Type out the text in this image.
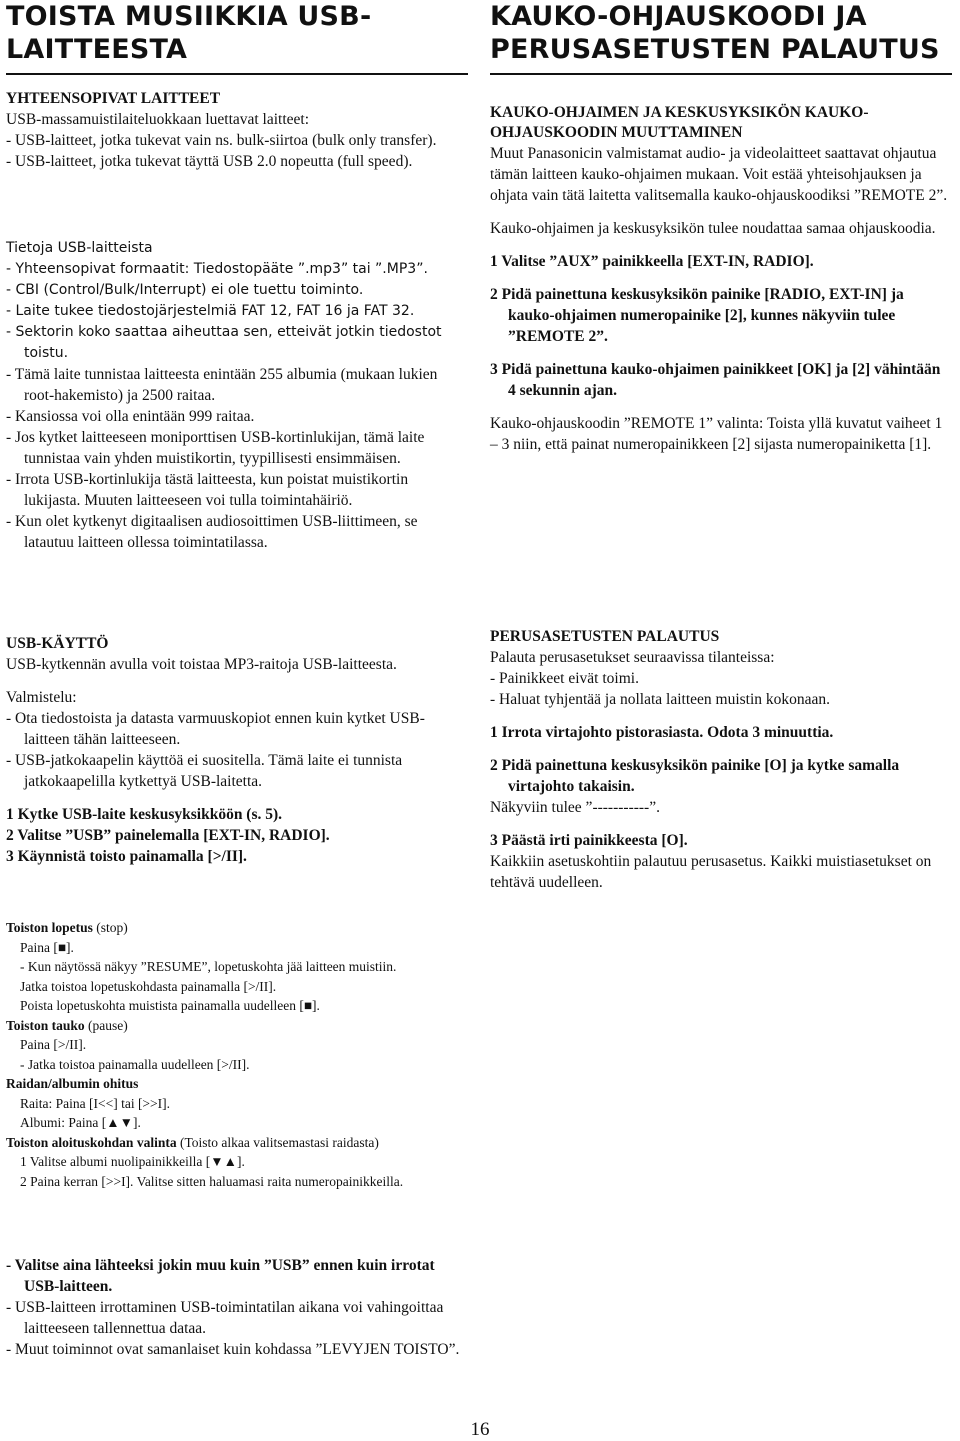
TOISTA MUSIIKKIA USB-
LAITTEESTA
YHTEENSOPIVAT LAITTEET

USB-massamuistilaiteluokkaan luettavat laitteet:

- USB-laitteet, jotka tukevat vain ns. bulk-siirtoa (bulk only transfer).

- USB-laitteet, jotka tukevat täyttä USB 2.0 nopeutta (full speed).

Tietoja USB-laitteista

- Yhteensopivat formaatit: Tiedostopääte ”.mp3” tai ”.MP3”.

- CBI (Control/Bulk/Interrupt) ei ole tuettu toiminto.

- Laite tukee tiedostojärjestelmiä FAT 12, FAT 16 ja FAT 32.

- Sektorin koko saattaa aiheuttaa sen, etteivät jotkin tiedostot toistu.

- Tämä laite tunnistaa laitteesta enintään 255 albumia (mukaan lukien root-hakemisto) ja 2500 raitaa.

- Kansiossa voi olla enintään 999 raitaa.

- Jos kytket laitteeseen moniporttisen USB-kortinlukijan, tämä laite tunnistaa vain yhden muistikortin, tyypillisesti ensimmäisen.

- Irrota USB-kortinlukija tästä laitteesta, kun poistat muistikortin lukijasta. Muuten laitteeseen voi tulla toimintahäiriö.

- Kun olet kytkenyt digitaalisen audiosoittimen USB-liittimeen, se latautuu laitteen ollessa toimintatilassa.

USB-KÄYTTÖ

USB-kytkennän avulla voit toistaa MP3-raitoja USB-laitteesta.

Valmistelu:

- Ota tiedostoista ja datasta varmuuskopiot ennen kuin kytket USB-laitteen tähän laitteeseen.

- USB-jatkokaapelin käyttöä ei suositella. Tämä laite ei tunnista jatkokaapelilla kytkettyä USB-laitetta.

1 Kytke USB-laite keskusyksikköön (s. 5).

2 Valitse ”USB” painelemalla [EXT-IN, RADIO].

3 Käynnistä toisto painamalla [>/II].

Toiston lopetus (stop)

Paina [■].

- Kun näytössä näkyy ”RESUME”, lopetuskohta jää laitteen muistiin.

Jatka toistoa lopetuskohdasta painamalla [>/II].

Poista lopetuskohta muistista painamalla uudelleen [■].

Toiston tauko (pause)

Paina [>/II].

- Jatka toistoa painamalla uudelleen [>/II].

Raidan/albumin ohitus

Raita: Paina [I<<] tai [>>I].

Albumi: Paina [▲▼].

Toiston aloituskohdan valinta (Toisto alkaa valitsemastasi raidasta)

1 Valitse albumi nuolipainikkeilla [▼▲].

2 Paina kerran [>>I]. Valitse sitten haluamasi raita numeropainikkeilla.

- Valitse aina lähteeksi jokin muu kuin ”USB” ennen kuin irrotat USB-laitteen.

- USB-laitteen irrottaminen USB-toimintatilan aikana voi vahingoittaa laitteeseen tallennettua dataa.

- Muut toiminnot ovat samanlaiset kuin kohdassa ”LEVYJEN TOISTO”.

KAUKO-OHJAUSKOODI JA
PERUSASETUSTEN PALAUTUS
KAUKO-OHJAIMEN JA KESKUSYKSIKÖN KAUKO-OHJAUSKOODIN MUUTTAMINEN

Muut Panasonicin valmistamat audio- ja videolaitteet saattavat ohjautua tämän laitteen kauko-ohjaimen mukaan. Voit estää yhteisohjauksen ja ohjata vain tätä laitetta valitsemalla kauko-ohjauskoodiksi ”REMOTE 2”.

Kauko-ohjaimen ja keskusyksikön tulee noudattaa samaa ohjauskoodia.

1 Valitse ”AUX” painikkeella [EXT-IN, RADIO].

2 Pidä painettuna keskusyksikön painike [RADIO, EXT-IN] ja kauko-ohjaimen numeropainike [2], kunnes näkyviin tulee ”REMOTE 2”.

3 Pidä painettuna kauko-ohjaimen painikkeet [OK] ja [2] vähintään 4 sekunnin ajan.

Kauko-ohjauskoodin ”REMOTE 1” valinta: Toista yllä kuvatut vaiheet 1 – 3 niin, että painat numeropainikkeen [2] sijasta numeropainiketta [1].

PERUSASETUSTEN PALAUTUS

Palauta perusasetukset seuraavissa tilanteissa:

- Painikkeet eivät toimi.

- Haluat tyhjentää ja nollata laitteen muistin kokonaan.

1 Irrota virtajohto pistorasiasta. Odota 3 minuuttia.

2 Pidä painettuna keskusyksikön painike [O] ja kytke samalla virtajohto takaisin.

Näkyviin tulee ”-----------”.

3 Päästä irti painikkeesta [O].

Kaikkiin asetuskohtiin palautuu perusasetus. Kaikki muistiasetukset on tehtävä uudelleen.

16
